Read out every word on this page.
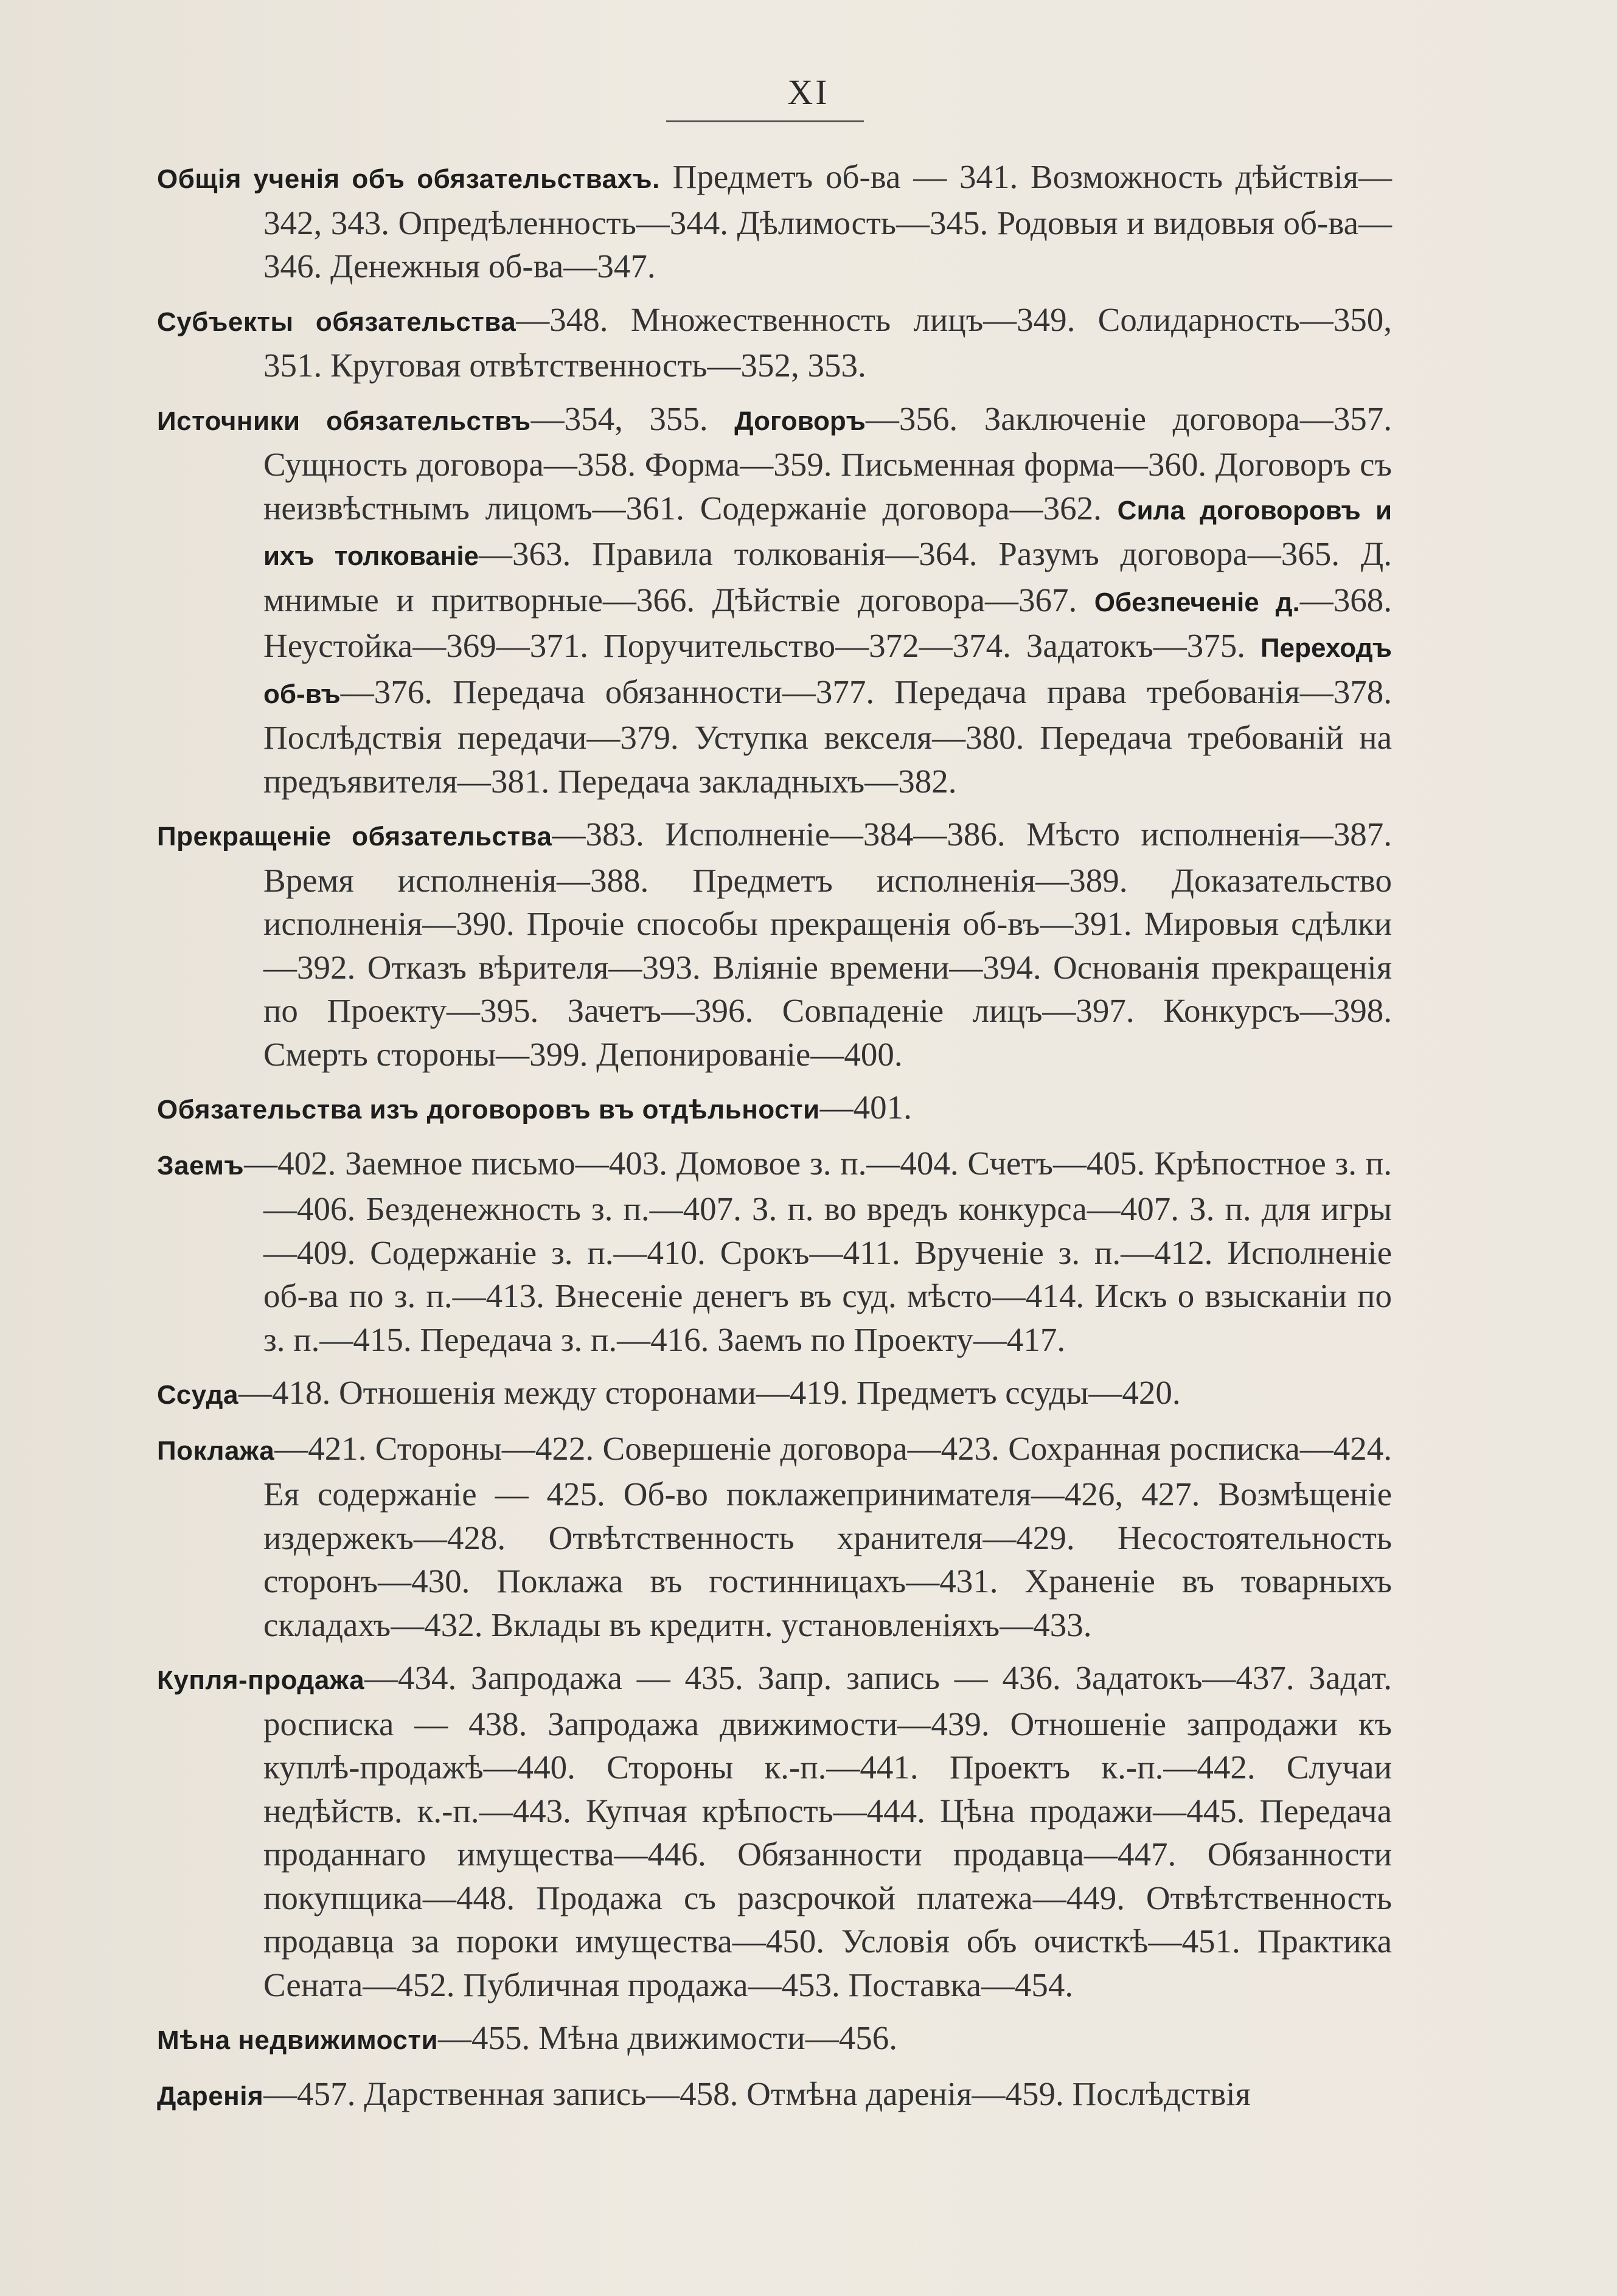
XI
Общія ученія объ обязательствахъ. Предметъ об-ва — 341. Возможность дѣйствія—342, 343. Опредѣленность—344. Дѣлимость—345. Родовыя и видовыя об-ва—346. Денежныя об-ва—347.
Субъекты обязательства—348. Множественность лицъ—349. Солидарность—350, 351. Круговая отвѣтственность—352, 353.
Источники обязательствъ—354, 355. Договоръ—356. Заключеніе договора—357. Сущность договора—358. Форма—359. Письменная форма—360. Договоръ съ неизвѣстнымъ лицомъ—361. Содержаніе договора—362. Сила договоровъ и ихъ толкованіе—363. Правила толкованія—364. Разумъ договора—365. Д. мнимые и притворные—366. Дѣйствіе договора—367. Обезпеченіе д.—368. Неустойка—369—371. Поручительство—372—374. Задатокъ—375. Переходъ об-въ—376. Передача обязанности—377. Передача права требованія—378. Послѣдствія передачи—379. Уступка векселя—380. Передача требованій на предъявителя—381. Передача закладныхъ—382.
Прекращеніе обязательства—383. Исполненіе—384—386. Мѣсто исполненія—387. Время исполненія—388. Предметъ исполненія—389. Доказательство исполненія—390. Прочіе способы прекращенія об-въ—391. Мировыя сдѣлки—392. Отказъ вѣрителя—393. Вліяніе времени—394. Основанія прекращенія по Проекту—395. Зачетъ—396. Совпаденіе лицъ—397. Конкурсъ—398. Смерть стороны—399. Депонированіе—400.
Обязательства изъ договоровъ въ отдѣльности—401.
Заемъ—402. Заемное письмо—403. Домовое з. п.—404. Счетъ—405. Крѣпостное з. п.—406. Безденежность з. п.—407. З. п. во вредъ конкурса—407. З. п. для игры—409. Содержаніе з. п.—410. Срокъ—411. Врученіе з. п.—412. Исполненіе об-ва по з. п.—413. Внесеніе денегъ въ суд. мѣсто—414. Искъ о взысканіи по з. п.—415. Передача з. п.—416. Заемъ по Проекту—417.
Ссуда—418. Отношенія между сторонами—419. Предметъ ссуды—420.
Поклажа—421. Стороны—422. Совершеніе договора—423. Сохранная росписка—424. Ея содержаніе — 425. Об-во поклажепринимателя—426, 427. Возмѣщеніе издержекъ—428. Отвѣтственность хранителя—429. Несостоятельность сторонъ—430. Поклажа въ гостинницахъ—431. Храненіе въ товарныхъ складахъ—432. Вклады въ кредитн. установленіяхъ—433.
Купля-продажа—434. Запродажа — 435. Запр. запись — 436. Задатокъ—437. Задат. росписка — 438. Запродажа движимости—439. Отношеніе запродажи къ куплѣ-продажѣ—440. Стороны к.-п.—441. Проектъ к.-п.—442. Случаи недѣйств. к.-п.—443. Купчая крѣпость—444. Цѣна продажи—445. Передача проданнаго имущества—446. Обязанности продавца—447. Обязанности покупщика—448. Продажа съ разсрочкой платежа—449. Отвѣтственность продавца за пороки имущества—450. Условія объ очисткѣ—451. Практика Сената—452. Публичная продажа—453. Поставка—454.
Мѣна недвижимости—455. Мѣна движимости—456.
Даренія—457. Дарственная запись—458. Отмѣна даренія—459. Послѣдствія
